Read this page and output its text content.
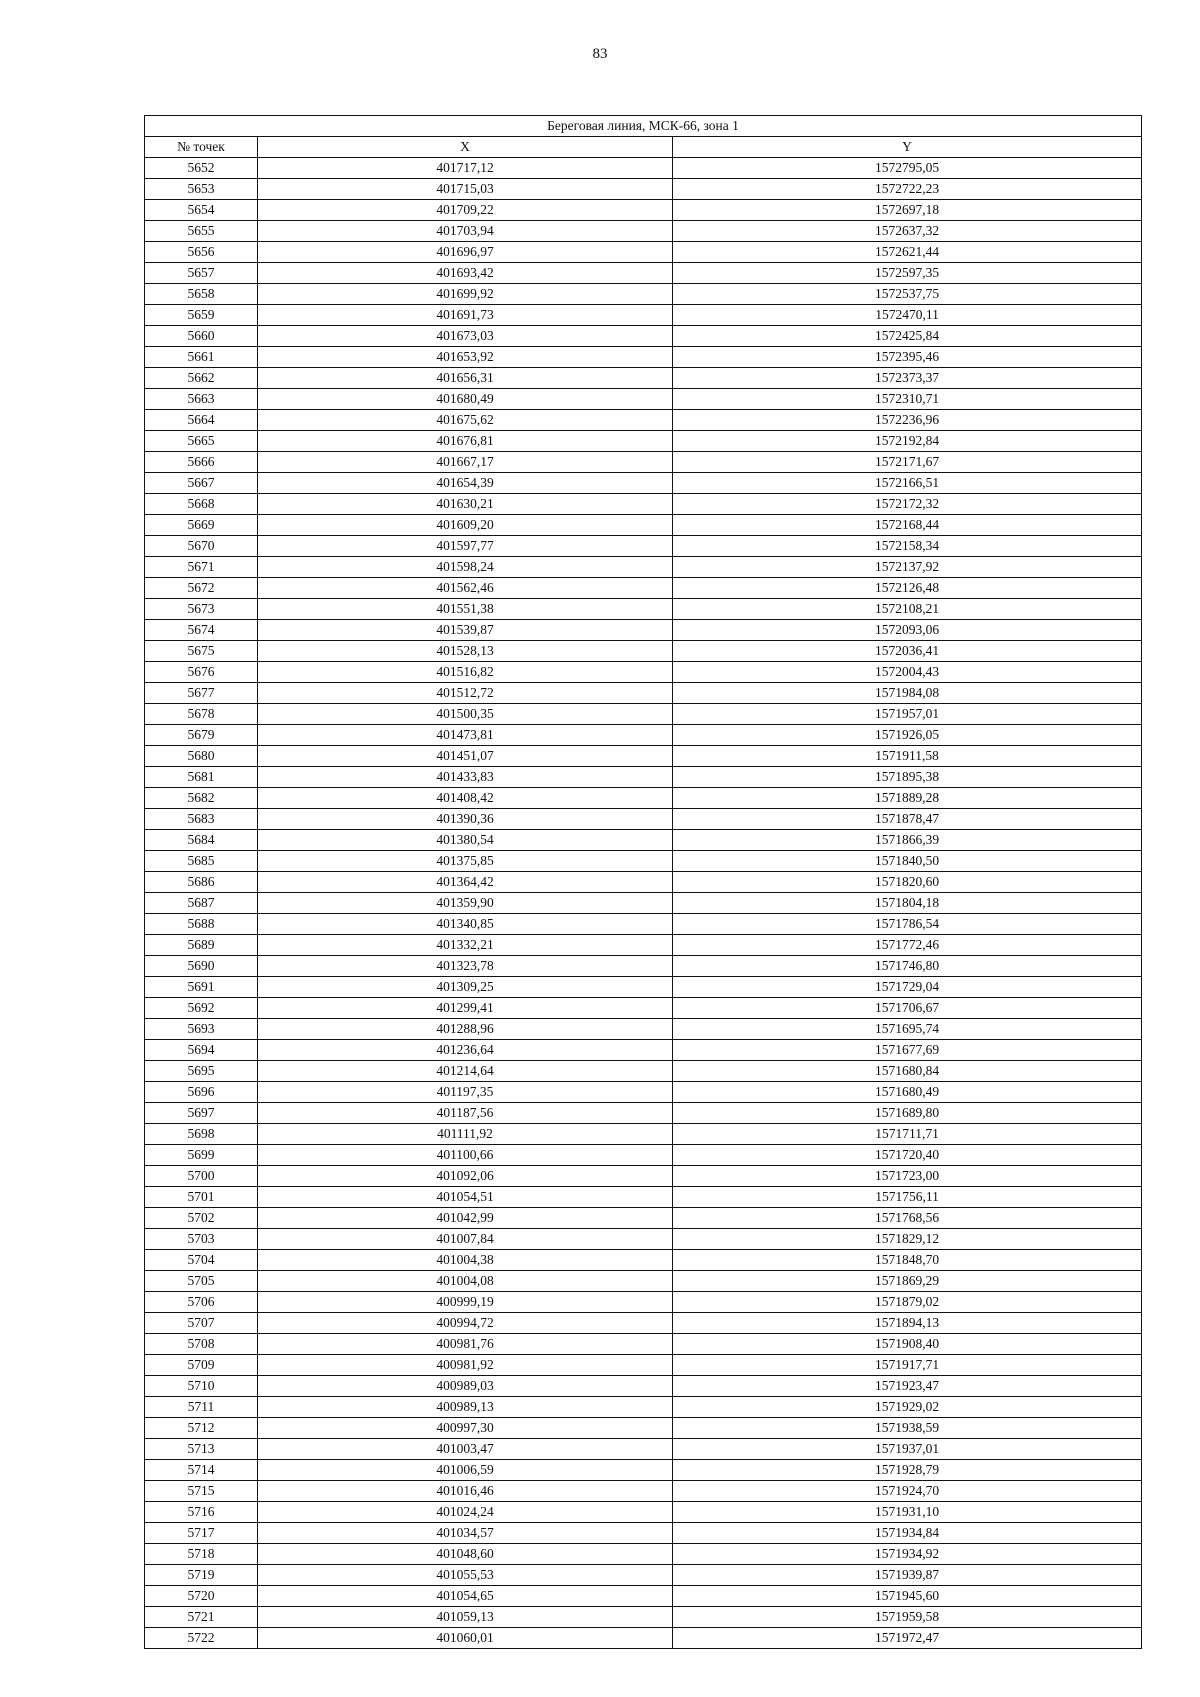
83
Береговая линия, МСК-66, зона 1		
№ точек	X	Y
5652	401717,12	1572795,05
5653	401715,03	1572722,23
5654	401709,22	1572697,18
5655	401703,94	1572637,32
5656	401696,97	1572621,44
5657	401693,42	1572597,35
5658	401699,92	1572537,75
5659	401691,73	1572470,11
5660	401673,03	1572425,84
5661	401653,92	1572395,46
5662	401656,31	1572373,37
5663	401680,49	1572310,71
5664	401675,62	1572236,96
5665	401676,81	1572192,84
5666	401667,17	1572171,67
5667	401654,39	1572166,51
5668	401630,21	1572172,32
5669	401609,20	1572168,44
5670	401597,77	1572158,34
5671	401598,24	1572137,92
5672	401562,46	1572126,48
5673	401551,38	1572108,21
5674	401539,87	1572093,06
5675	401528,13	1572036,41
5676	401516,82	1572004,43
5677	401512,72	1571984,08
5678	401500,35	1571957,01
5679	401473,81	1571926,05
5680	401451,07	1571911,58
5681	401433,83	1571895,38
5682	401408,42	1571889,28
5683	401390,36	1571878,47
5684	401380,54	1571866,39
5685	401375,85	1571840,50
5686	401364,42	1571820,60
5687	401359,90	1571804,18
5688	401340,85	1571786,54
5689	401332,21	1571772,46
5690	401323,78	1571746,80
5691	401309,25	1571729,04
5692	401299,41	1571706,67
5693	401288,96	1571695,74
5694	401236,64	1571677,69
5695	401214,64	1571680,84
5696	401197,35	1571680,49
5697	401187,56	1571689,80
5698	401111,92	1571711,71
5699	401100,66	1571720,40
5700	401092,06	1571723,00
5701	401054,51	1571756,11
5702	401042,99	1571768,56
5703	401007,84	1571829,12
5704	401004,38	1571848,70
5705	401004,08	1571869,29
5706	400999,19	1571879,02
5707	400994,72	1571894,13
5708	400981,76	1571908,40
5709	400981,92	1571917,71
5710	400989,03	1571923,47
5711	400989,13	1571929,02
5712	400997,30	1571938,59
5713	401003,47	1571937,01
5714	401006,59	1571928,79
5715	401016,46	1571924,70
5716	401024,24	1571931,10
5717	401034,57	1571934,84
5718	401048,60	1571934,92
5719	401055,53	1571939,87
5720	401054,65	1571945,60
5721	401059,13	1571959,58
5722	401060,01	1571972,47
